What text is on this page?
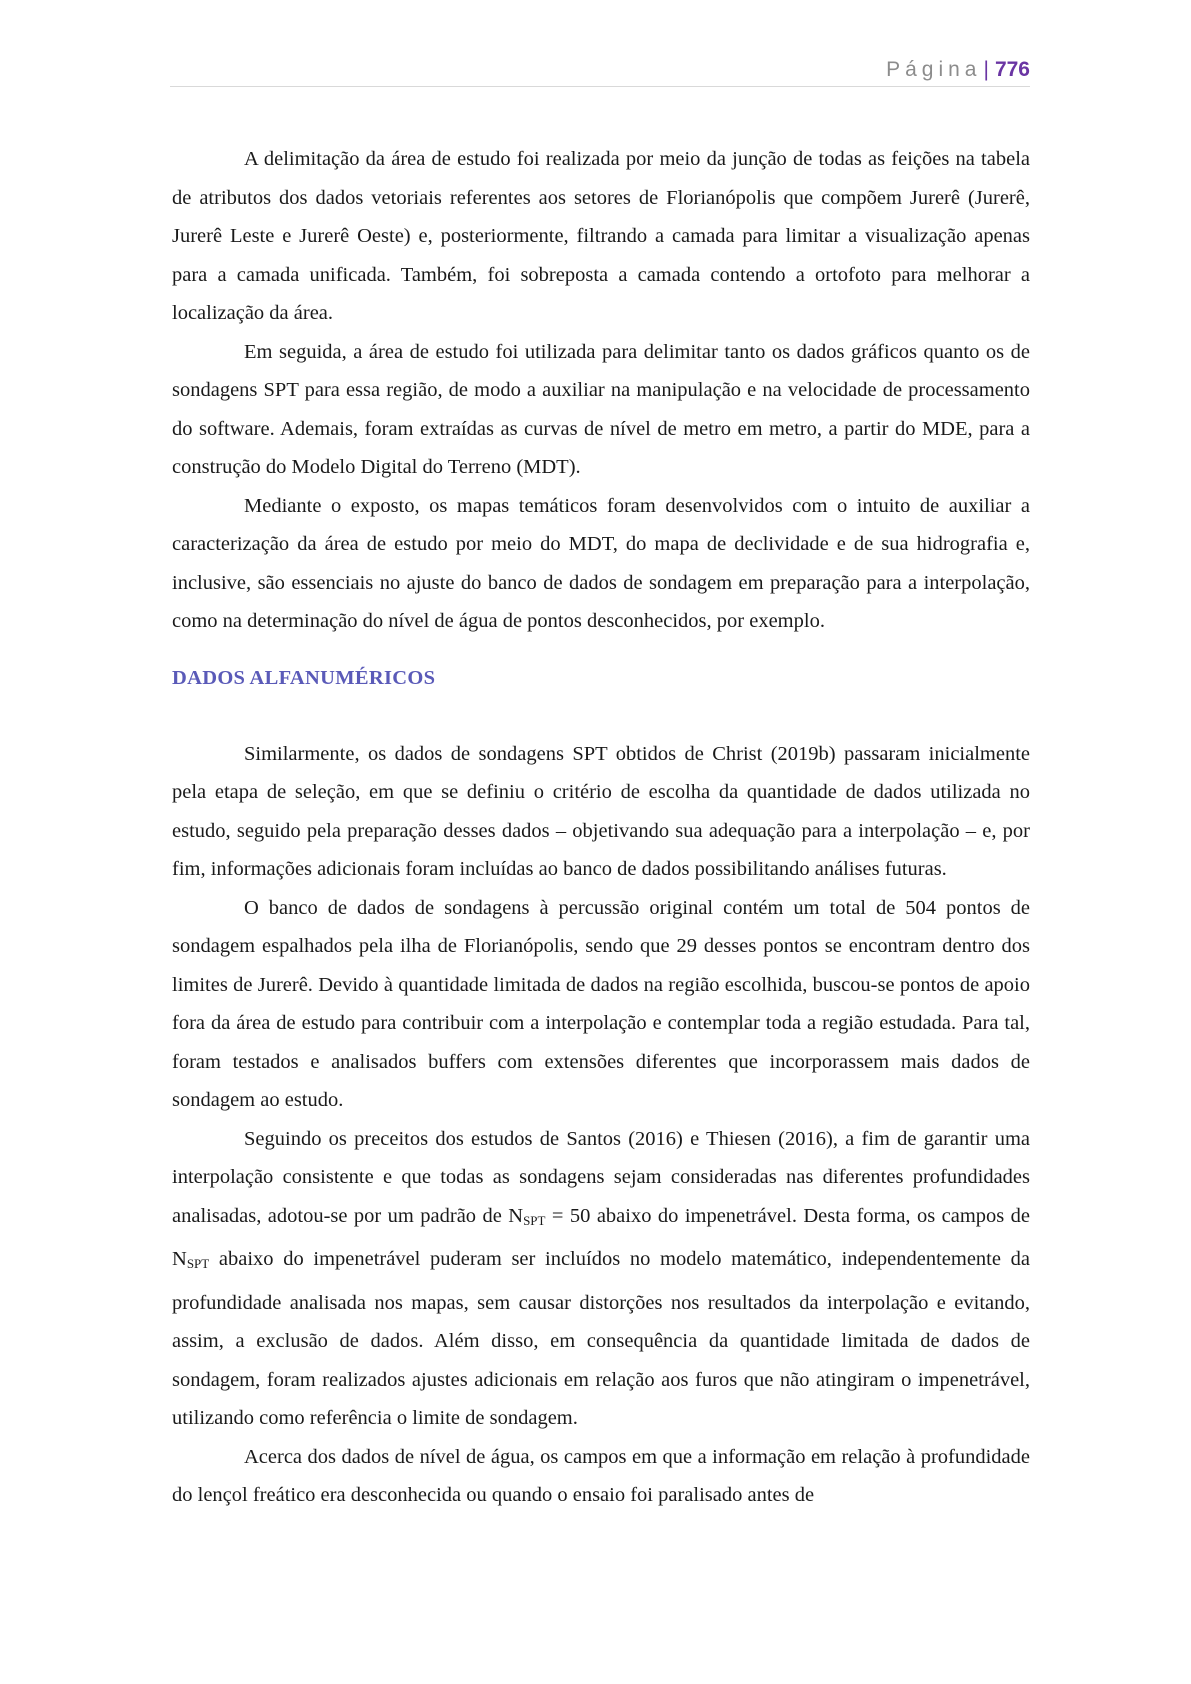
Página| 776

A delimitação da área de estudo foi realizada por meio da junção de todas as feições na tabela de atributos dos dados vetoriais referentes aos setores de Florianópolis que compõem Jurerê (Jurerê, Jurerê Leste e Jurerê Oeste) e, posteriormente, filtrando a camada para limitar a visualização apenas para a camada unificada. Também, foi sobreposta a camada contendo a ortofoto para melhorar a localização da área.

Em seguida, a área de estudo foi utilizada para delimitar tanto os dados gráficos quanto os de sondagens SPT para essa região, de modo a auxiliar na manipulação e na velocidade de processamento do software. Ademais, foram extraídas as curvas de nível de metro em metro, a partir do MDE, para a construção do Modelo Digital do Terreno (MDT).

Mediante o exposto, os mapas temáticos foram desenvolvidos com o intuito de auxiliar a caracterização da área de estudo por meio do MDT, do mapa de declividade e de sua hidrografia e, inclusive, são essenciais no ajuste do banco de dados de sondagem em preparação para a interpolação, como na determinação do nível de água de pontos desconhecidos, por exemplo.

DADOS ALFANUMÉRICOS

Similarmente, os dados de sondagens SPT obtidos de Christ (2019b) passaram inicialmente pela etapa de seleção, em que se definiu o critério de escolha da quantidade de dados utilizada no estudo, seguido pela preparação desses dados – objetivando sua adequação para a interpolação – e, por fim, informações adicionais foram incluídas ao banco de dados possibilitando análises futuras.

O banco de dados de sondagens à percussão original contém um total de 504 pontos de sondagem espalhados pela ilha de Florianópolis, sendo que 29 desses pontos se encontram dentro dos limites de Jurerê. Devido à quantidade limitada de dados na região escolhida, buscou-se pontos de apoio fora da área de estudo para contribuir com a interpolação e contemplar toda a região estudada. Para tal, foram testados e analisados buffers com extensões diferentes que incorporassem mais dados de sondagem ao estudo.

Seguindo os preceitos dos estudos de Santos (2016) e Thiesen (2016), a fim de garantir uma interpolação consistente e que todas as sondagens sejam consideradas nas diferentes profundidades analisadas, adotou-se por um padrão de $N_{SPT} = 50$ abaixo do impenetrável. Desta forma, os campos de $N_{SPT}$ abaixo do impenetrável puderam ser incluídos no modelo matemático, independentemente da profundidade analisada nos mapas, sem causar distorções nos resultados da interpolação e evitando, assim, a exclusão de dados. Além disso, em consequência da quantidade limitada de dados de sondagem, foram realizados ajustes adicionais em relação aos furos que não atingiram o impenetrável, utilizando como referência o limite de sondagem.

Acerca dos dados de nível de água, os campos em que a informação em relação à profundidade do lençol freático era desconhecida ou quando o ensaio foi paralisado antes de
